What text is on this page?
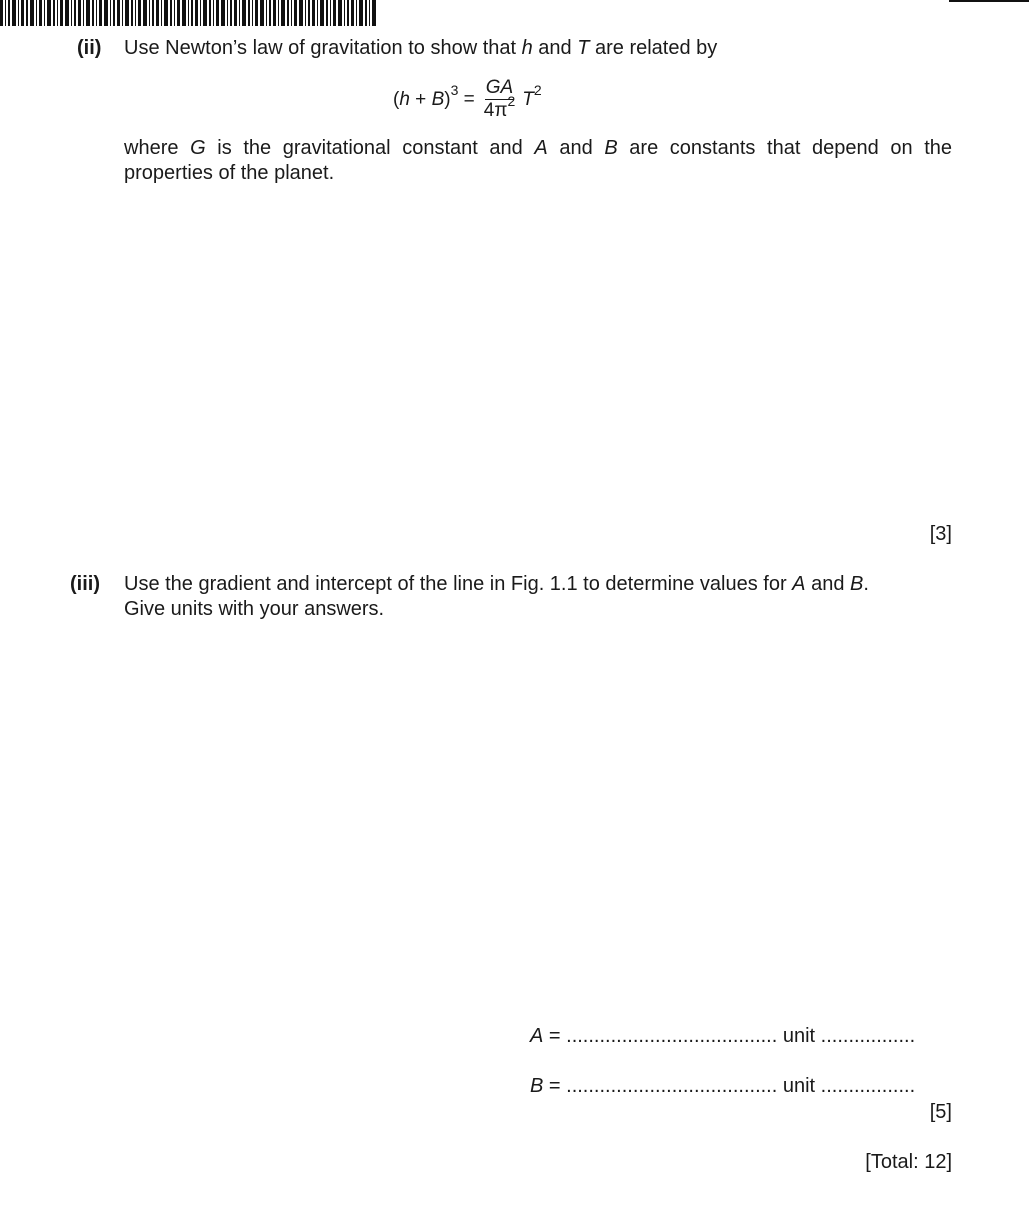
(ii) Use Newton’s law of gravitation to show that h and T are related by
$(h + B)^3 = \frac{GA}{4\pi^2} T^2$
where G is the gravitational constant and A and B are constants that depend on the properties of the planet.
[3]
(iii) Use the gradient and intercept of the line in Fig. 1.1 to determine values for A and B.
Give units with your answers.
A = ...................................... unit .................
B = ...................................... unit .................
[5]
[Total: 12]
